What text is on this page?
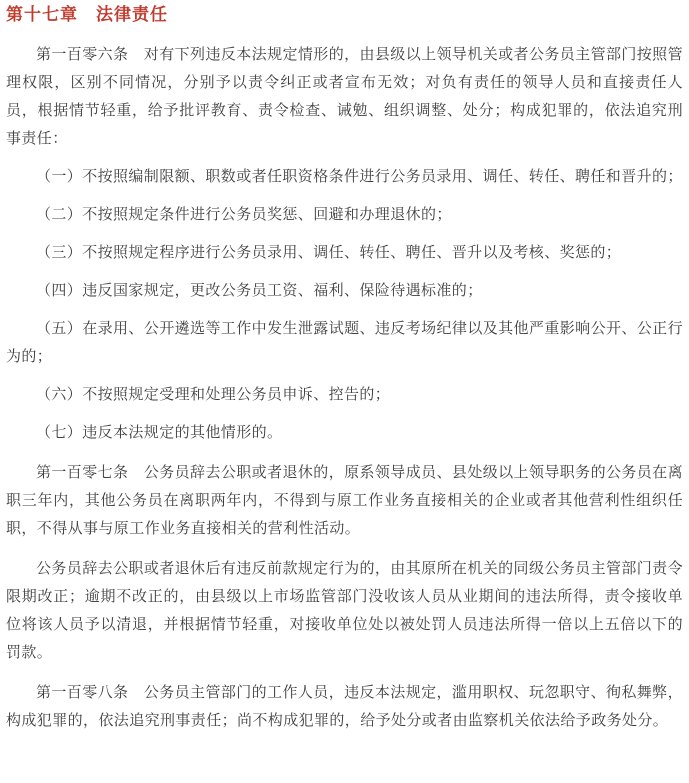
第十七章　法律责任

第一百零六条　对有下列违反本法规定情形的，由县级以上领导机关或者公务员主管部门按照管理权限，区别不同情况，分别予以责令纠正或者宣布无效；对负有责任的领导人员和直接责任人员，根据情节轻重，给予批评教育、责令检查、诫勉、组织调整、处分；构成犯罪的，依法追究刑事责任：

（一）不按照编制限额、职数或者任职资格条件进行公务员录用、调任、转任、聘任和晋升的；

（二）不按照规定条件进行公务员奖惩、回避和办理退休的；

（三）不按照规定程序进行公务员录用、调任、转任、聘任、晋升以及考核、奖惩的；

（四）违反国家规定，更改公务员工资、福利、保险待遇标准的；

（五）在录用、公开遴选等工作中发生泄露试题、违反考场纪律以及其他严重影响公开、公正行为的；

（六）不按照规定受理和处理公务员申诉、控告的；

（七）违反本法规定的其他情形的。

第一百零七条　公务员辞去公职或者退休的，原系领导成员、县处级以上领导职务的公务员在离职三年内，其他公务员在离职两年内，不得到与原工作业务直接相关的企业或者其他营利性组织任职，不得从事与原工作业务直接相关的营利性活动。

公务员辞去公职或者退休后有违反前款规定行为的，由其原所在机关的同级公务员主管部门责令限期改正；逾期不改正的，由县级以上市场监管部门没收该人员从业期间的违法所得，责令接收单位将该人员予以清退，并根据情节轻重，对接收单位处以被处罚人员违法所得一倍以上五倍以下的罚款。

第一百零八条　公务员主管部门的工作人员，违反本法规定，滥用职权、玩忽职守、徇私舞弊，构成犯罪的，依法追究刑事责任；尚不构成犯罪的，给予处分或者由监察机关依法给予政务处分。
